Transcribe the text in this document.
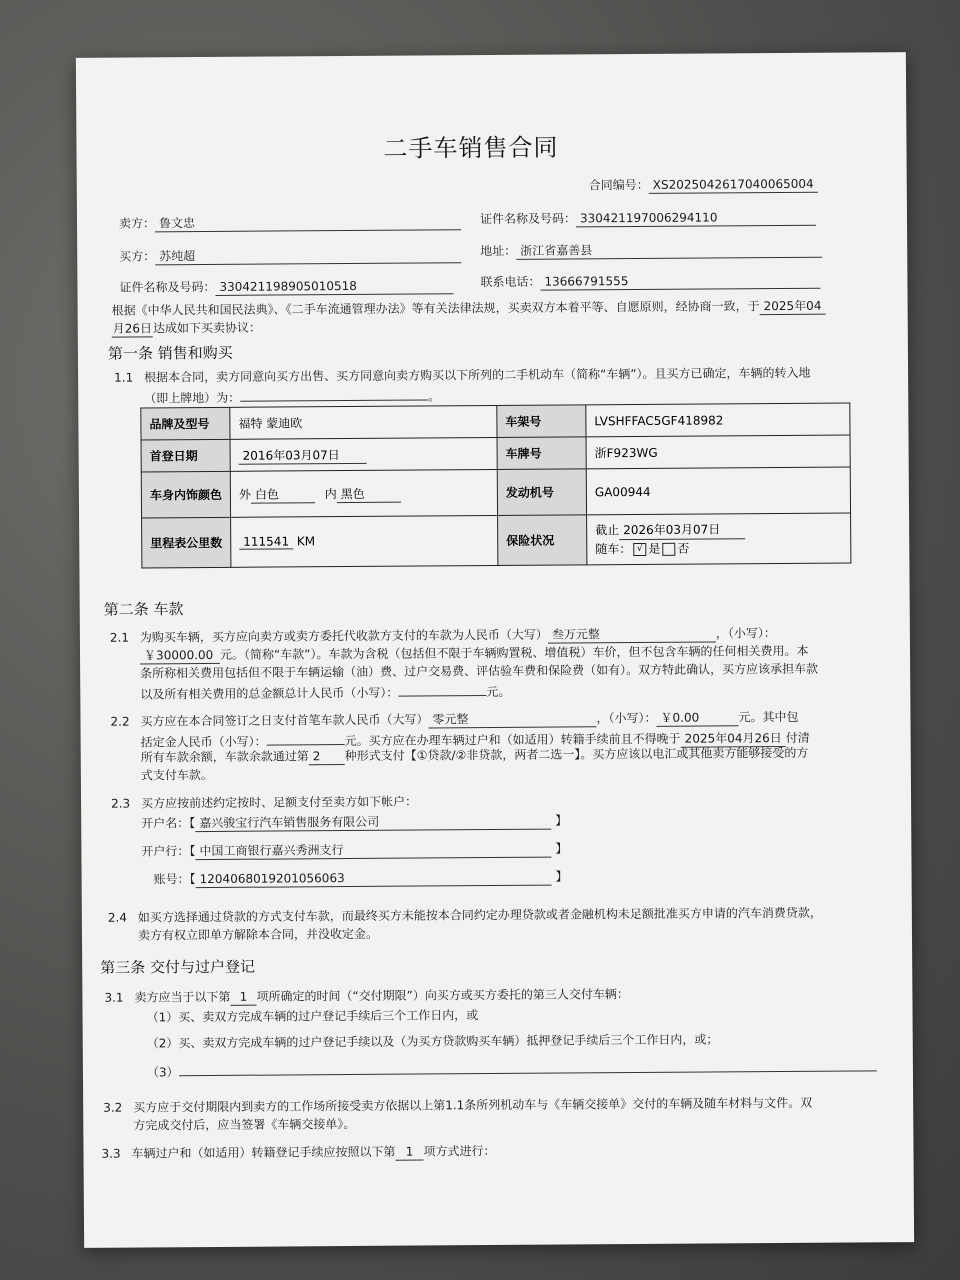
二手车销售合同
合同编号： XS2025042617040065004
卖方： 鲁文忠	证件名称及号码： 330421197006294110
买方： 苏纯超	地址： 浙江省嘉善县
证件名称及号码： 330421198905010518	联系电话： 13666791555
根据《中华人民共和国民法典》、《二手车流通管理办法》等有关法律法规，买卖双方本着平等、自愿原则，经协商一致，于 2025年04
月26日达成如下买卖协议：
第一条 销售和购买
1.1 根据本合同，卖方同意向买方出售、买方同意向卖方购买以下所列的二手机动车（简称“车辆”）。且买方已确定，车辆的转入地
（即上牌地）为：	。
品牌及型号	福特 蒙迪欧	车架号	LVSHFFAC5GF418982
首登日期	2016年03月07日	车牌号	浙F923WG
车身内饰颜色	外 白色 内 黑色	发动机号	GA00944
里程表公里数	111541 KM	保险状况	截止 2026年03月07日
随车： √ 是 否
第二条 车款
2.1 为购买车辆，买方应向卖方或卖方委托代收款方支付的车款为人民币（大写） 叁万元整	，（小写）：
￥30000.00 元。（简称“车款”）。车款为含税（包括但不限于车辆购置税、增值税）车价，但不包含车辆的任何相关费用。本
条所称相关费用包括但不限于车辆运输（油）费、过户交易费、评估验车费和保险费（如有）。双方特此确认，买方应该承担车款
以及所有相关费用的总金额总计人民币（小写）：	元。
2.2 买方应在本合同签订之日支付首笔车款人民币（大写） 零元整	，（小写）： ￥0.00	元。其中包
括定金人民币（小写）：	元。买方应在办理车辆过户和（如适用）转籍手续前且不得晚于 2025年04月26日 付清
所有车款余额，车款余款通过第 2 种形式支付【①贷款/②非贷款，两者二选一】。买方应该以电汇或其他卖方能够接受的方
式支付车款。
2.3 买方应按前述约定按时、足额支付至卖方如下帐户：
开户名：【 嘉兴骏宝行汽车销售服务有限公司	】
开户行：【 中国工商银行嘉兴秀洲支行	】
账号：【 1204068019201056063	】
2.4 如买方选择通过贷款的方式支付车款，而最终买方未能按本合同约定办理贷款或者金融机构未足额批准买方申请的汽车消费贷款，
卖方有权立即单方解除本合同，并没收定金。
第三条 交付与过户登记
3.1 卖方应当于以下第 1 项所确定的时间（“交付期限”）向买方或买方委托的第三人交付车辆：
（1）买、卖双方完成车辆的过户登记手续后三个工作日内，或
（2）买、卖双方完成车辆的过户登记手续以及（为买方贷款购买车辆）抵押登记手续后三个工作日内，或；
（3）
3.2 买方应于交付期限内到卖方的工作场所接受卖方依据以上第1.1条所列机动车与《车辆交接单》交付的车辆及随车材料与文件。双
方完成交付后，应当签署《车辆交接单》。
3.3 车辆过户和（如适用）转籍登记手续应按照以下第 1 项方式进行：
